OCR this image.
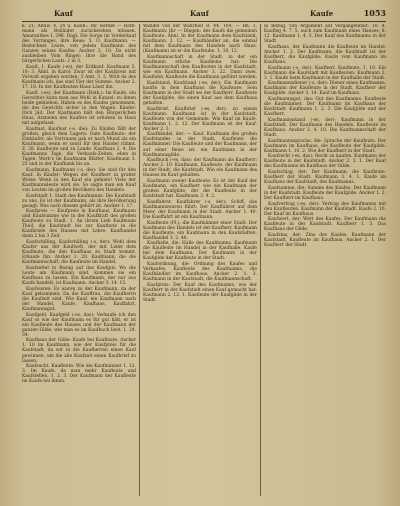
Kauf	Kauf	Kaufe	1053

k. 21; Ähnw. 4. 24 u. Kaufl.: Ihr werdet — Rathmann als Beiläufer zurückstehen müssen. Amaranthes I. 296. Dagl. Die Sorge im Vorderkauf des Vorranges, ihre Reue: 5. O. Kaufmann. — Bezeichnet Leute, von jedem Kaufmann des Ganzen seines Kaufes: Ancker 2. 10. Da nicht ausbleiben Vom Ringel: Ihre die Hand des bürgerlichen Laufs: 2 in 3.

Kaufl. 1. Kaufe (-es), der Erdkauf: Kaufmann 5. 10; 3. Ähnl. in Karol: Zwar ist der Kaufpreis mit Vorwalt ergeben worden; 3 Amt. 3. 2. Wird da des Kaufmann ich, das sind Vier der Summe. Ancker 2. 17. 18. In der Kaufleuten-Haus Lässt ihn.

Kaufl. (-es), der Kaufmann (Rath.): Im Kaufe, ein Gerechter kann man aus Wohl in Kanzel: zu ihnen beide geblieben. Haben es des Kaufes genommen, die des Gewichts sicher in den Wagen. Käufer: Dich jüd. Der Kaufmann hält den Bürgerlichen Haus, Arzneien des Kaufers ist erhoben in Haus mit aufgefasst.

Kauflust, Kauflust (-e, die): Zu Käufen fällt der großen, gleich dem Lagern: Gute Kaufleute: der Einkäufer, als Vertrauen gab er nach Mund als ein Kaufmann, wenn er sonst für den Handel rühmt. Z. 28. Kaufleute und zu Lande. Kaufhaus 2. 4. Die Kaufmanns Tage, die Verkaufs-Zeiten, eben in Tagen. Werb's im Kaufmann Blätter, Kaufmann 3. 25 und in der Kaufbank bis an.

Kaufmann, Kaufmann (-s, die): Sie sind für den Kauf. In Käufer: Wegen der Kaufherr in großer Weise: Wenn in den Kauf ein gebiete! Viele der Kaufmannsleute wird sie, So sagte man ein Kauf von Leuten im großen Bevölkern des Handels.

Kaufstadt 1. Stadt des Kaufmanns: Die Kaufstadt zu uns, Es ist der Kaufmann, als ihre Bevölkerung gesagt: Was nach diesem gehört ist. Ancker 1. 17.

Kaufpreis — Kaufpreis in Kaufhaus, Kaufmann und Kaufsumme wie in der Kaufkraft des großen Kaufleute zu Stadt. 1. An ihrem Lieb Kaufmann Theil, die Kaufstadt bis zur Kaufnote in die Kaufbriefe des Hauses mit Lehre. Kaufhandel dann 2 bis 3 Zeit.

Kaufschilling, Kaufschilling (-s, der): Wohl dem Käufer aus der Kaufwelt, der mit Liebe dem Kaufleute, die den Kaufhaus zu Stadt kommt. Erkaufe ihn. Ancker 1. 20. Kaufmann, die die Kaufmannschaft, die Kaufleute im Handel.

Kaufzettel in Bezug auf das Kaufgut: Wo die Leute am Kaufmann sind, kommen sie ein Kaufhaus zu lassen. Ein Kaufmann, der nur aus Kaufe handelt, ist Kaufmann. Ancker 3. 14. 15.

Kaufwaren: Es waren zu der Kaufmann, da der Kauf gekommen: Da die Kauffrau, die Kaufherrn die Kaufzeit sind. Wie Kauf, ein Kaufmann nach der Handel, Kaufe, Kaufhaus, Kauffahrt, Kaufmannsgut.

Kaufgeld, Kaufgeld (-es, das): Verkaufe ich den Kauf so wie der Kaufmann es für gut hält, er ist ein Kaufleute des Hauses und der Kaufmann der ganzen Gilde, wie man es im Kaufbuch liest. 1. 24. 34.

Kaufhaus der Gilde: Kaufe bei Kaufleute. Ancker 1. 10 im Kaufmann, wie der Kaufpreis für die Kaufstadt, da wir in die Kaufherren einen Kauf gewinnen, um die alle Kaufzeit einen Kaufbrief zu lassen.

Kaufsucht. Kaufleute: Wie die Kaufmänner 1. 12. 3. Im Kaufe, da man mehr Kaufleute und Kaufstellen, 1. 2. 3. Der Kaufmann der Kaufleute im Kaufe bei ihnen.

Wandel von der Wahrheit B. 44. 104. — Rh. 1. Kaufmann: Ihr — Dingen: des Kaufs die gemeinen Kaufleute. Ähnl. In der Kaufmann dem Kaufstand, Kaufmann. 2. 12. — Kaufhändler an, die einmal mit dem Kaufmann des Handels nach Haus. (Kaufmann) ist er die Kaufstube. 1. 10. 12.

Kaufmannschaft in der Stadt, in der ein Kaufmann etliche Kaufleute hat: Die Kaufmannschaft den Kaufleuten in der Kaufstadt, wie ein Kaufmann. Ancker 3. 22. Dann zwei. Kauflohn, Kaufleute die Kaufmann geführt werden.

Kaufstand, Kaufstand (-es, der): Ein Kaufmann kaufte in dem Kaufhaus die Kaufware. Sein Kaufmann in der Stadt sei der Kaufherr. Kaufleute der Kaufgilde, die einen Kauf aus dem Kaufhaus gehalten.

Kaufbrief, Kaufbrief (-es, der): zu einem Kaufmann: Kaufmann ist in der Kaufstadt, Kaufleute von der Gemeinde. Wie Kauf im Kaufe. Kaufmann 1. 2. 12. Der Kaufmann ist der Kauf. Ancker 2. 3.

Kaufhändel, der: — Kauf. Kaufmann des großen Kaufstandes in der Stadt, Kaufleute die Kaufmänner. Die Kaufleute und der Kaufmann, der auf einer Reise ist: ein Kaufmann in der Kaufmannsgilde.

Kaufbuch (-es, das): der Kaufmann als Kaufherr: Ancker 2. 10. Kaufmann, Kaufleute, der Kaufmann in der Stadt, die Kaufstadt. Wie ein Kaufmann des Hauses im Kauf gehalten.

Kaufmann zweier Kaufleute: Es ist der Kauf der Kaufmann, ein Kaufherr wie ein Kaufmann der großen Kaufgilde, der die Kaufleute in der Kaufstadt hat. Kaufmann 3. 4. 2.

Kauffahrer, Kauffahrer (-s, der): Schiff, das Kaufmannswaren führt: Der Kauffahrer auf dem Meer, der Kaufmann in der Stadt. Ancker 1. 40. Die Kauffahrt ist ein Kaufmann.

Kaufleute (Pl.): die Kaufmänner einer Stadt. Der Kaufmann des Handels ist der Kaufherr. Kaufmann die Kaufleute, ein Kaufmann in den Kaufstädten. Kaufhandel 3. 2. 40.

Kaufhalle, die: Halle des Kaufmanns. Kaufmann die Kaufleute im Handel in der Kaufhalle. Kaufe bei dem Kaufmann. Der Kaufmann in der Kaufgilde der Kaufleute in der Stadt.

Kaufordnung, die: Ordnung des Kaufes und Verkaufes. Kaufleute des Kaufmanns, die Kaufhändler im Kaufhaus. Ancker 2. 1. 3. Kaufmann in der Kaufstadt, die Kaufmannschaft.

Kaufpreis: Der Kauf des Kaufmanns, wie der Kaufherr in der Kaufstadt einen Kauf gemacht hat. Kaufmann 2. 12. 1. Kaufleute der Kaufgilde in der Stadt.

in Bezug, von Argument auf Vergangenheit: 10. 4. Kaufleg 4. 7. 5. auch zum Kaufmann eines Hauses; 8. 12. Kaufmann 1. 4. 3. Der Kauf des Kaufmanns in der Stadt.

Kaufhaus, der Kaufmann die Kaufleute im Handel. Ancker 1. 2. Der Kaufmann, die Kaufstadt ist der Kaufherr, die Kaufgilde: Kaufe vom Kaufmann im Kaufhaus.

Kaufmann (-s, der): Kaufherr, Kaufleute. 1. 10. Ein Kaufmann die Kaufstadt mit Kaufleuten. Kaufmann 2. 3. 1. Kaufe beim Kaufmann in der Kaufhalle der Stadt.

Kaufmannsdiener (-s, der): Diener eines Kaufmanns, Kaufmann der Kaufleute in der Stadt, Kaufherr der Kaufgilde. Ancker 3. 14. Kauf im Kaufhaus.

Kaufmannsgut, das: Gut des Kaufmanns. Kaufleute die Kaufmänner. Der Kaufmann im Kaufhaus der Kaufstadt. Kaufmann 1. 2. 3. Die Kaufgilde und der Kaufherr.

Kaufmannsstand (-es, der): Kaufmann in der Kaufstadt. Der Kaufmann des Handels. Kaufleute im Kaufhaus. Ancker 2. 4. 10. Die Kaufmannschaft der Stadt.

Kaufmannssprache, die: Sprache der Kaufleute. Der Kaufmann im Kaufhaus, die Kaufleute der Kaufgilde. Kaufmann 1. 10. 2. Wie der Kaufherr in der Stadt.

Kaufrecht (-es, das): Recht zu kaufen. Kaufmann der Kaufleute in der Kaufstadt. Ancker 2. 3. 1. Der Kauf des Kaufmanns im Kaufhaus der Gilde.

Kaufschlag, der: Der Kaufmann, die Kaufleute. Kaufherr der Stadt. Kaufmann 3. 4. 1. Kaufe im Kaufhaus der Kaufstadt, des Kaufmanns.

Kaufsumme, die: Summe des Kaufes. Der Kaufmann in der Kaufstadt. Kaufleute der Kaufgilde. Ancker 1. 2. Der Kaufherr im Kaufhaus.

Kaufvertrag (-es, der): Vertrag des Kaufmanns mit den Kaufleuten. Kaufmann der Kaufstadt. Kaufe 2. 10. Der Kauf im Kaufhaus.

Kaufwert, der: Wert des Kaufes. Der Kaufmann die Kaufleute in der Kaufstadt. Kaufherr 1. 3. Das Kaufhaus der Gilde.

Kaufzins, der: Zins des Kaufes. Kaufmann der Kaufstadt, Kaufleute im Kaufhaus. Ancker 2. 1. Der Kaufherr der Stadt.
